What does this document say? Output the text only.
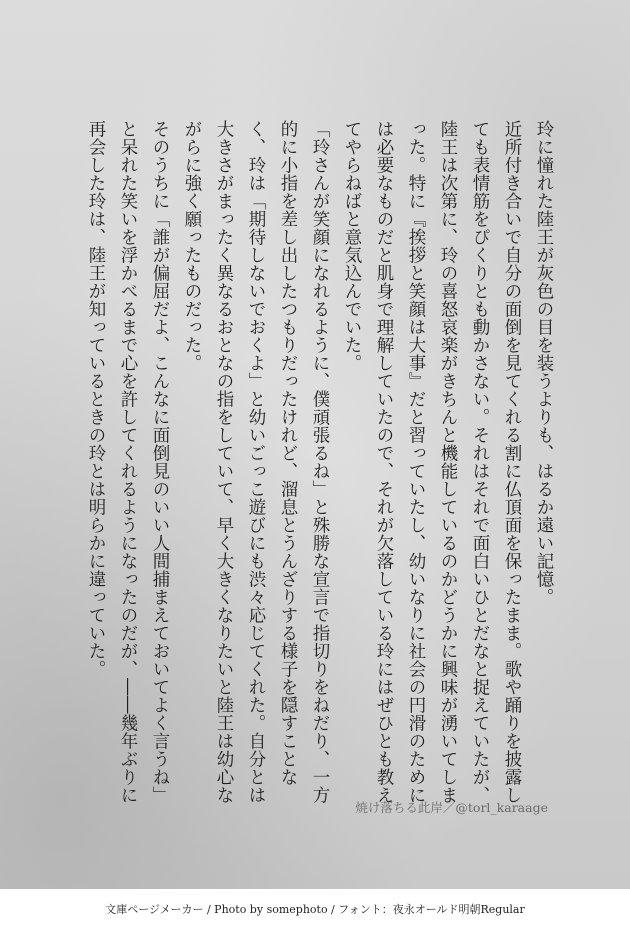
玲に憧れた陸王が灰色の目を装うよりも、はるか遠い記憶。

近所付き合いで自分の面倒を見てくれる割に仏頂面を保ったまま。歌や踊りを披露しても表情筋をぴくりとも動かさない。それはそれで面白いひとだなと捉えていたが、陸王は次第に、玲の喜怒哀楽がきちんと機能しているのかどうかに興味が湧いてしまった。特に『挨拶と笑顔は大事』だと習っていたし、幼いなりに社会の円滑のためには必要なものだと肌身で理解していたので、それが欠落している玲にはぜひとも教えてやらねばと意気込んでいた。

「玲さんが笑顔になれるように、僕頑張るね」と殊勝な宣言で指切りをねだり、一方的に小指を差し出したつもりだったけれど、溜息とうんざりする様子を隠すことなく、玲は「期待しないでおくよ」と幼いごっこ遊びにも渋々応じてくれた。自分とは大きさがまったく異なるおとなの指をしていて、早く大きくなりたいと陸王は幼心ながらに強く願ったものだった。

そのうちに「誰が偏屈だよ、こんなに面倒見のいい人間捕まえておいてよく言うね」と呆れた笑いを浮かべるまで心を許してくれるようになったのだが、――幾年ぶりに再会した玲は、陸王が知っているときの玲とは明らかに違っていた。

焼け落ちる此岸／@torl_karaage
文庫ページメーカー / Photo by somephoto / フォント：夜永オールド明朝Regular
